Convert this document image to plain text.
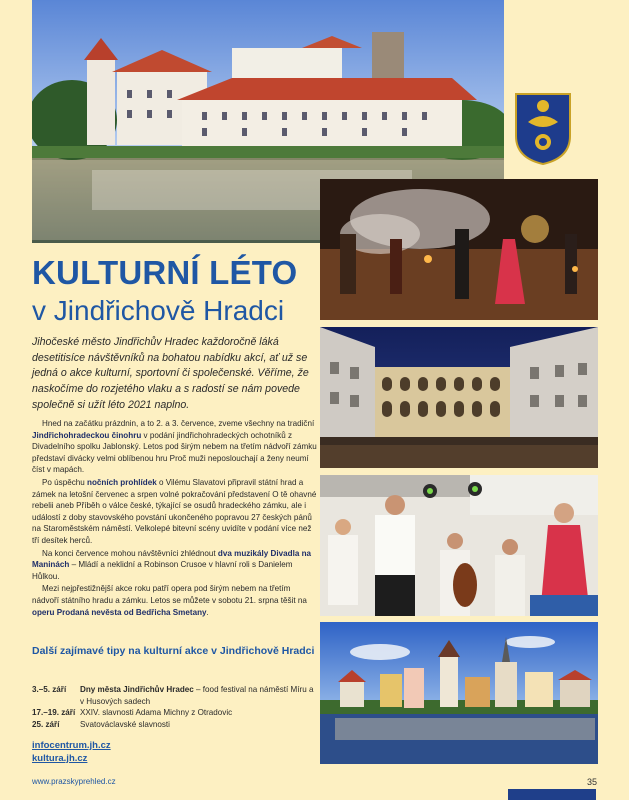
KULTURNÍ LÉTO
v Jindřichově Hradci

Jihočeské město Jindřichův Hradec každoročně láká desetitisíce návštěvníků na bohatou nabídku akcí, ať už se jedná o akce kulturní, sportovní či společenské. Věříme, že naskočíme do rozjetého vlaku a s radostí se nám povede společně si užít léto 2021 naplno.

Hned na začátku prázdnin, a to 2. a 3. července, zveme všechny na tradiční Jindřichohradeckou činohru v podání jindřichohradeckých ochotníků z Divadelního spolku Jablonský. Letos pod širým nebem na třetím nádvoří zámku představí divácky velmi oblíbenou hru Proč muži neposlouchají a ženy neumí číst v mapách.

Po úspěchu nočních prohlídek o Vilému Slavatovi připravil státní hrad a zámek na letošní červenec a srpen volné pokračování představení O tě ohavné rebelii aneb Příběh o válce české, týkající se osudů hradeckého zámku, ale i událostí z doby stavovského povstání ukončeného popravou 27 českých pánů na Staroměstském náměstí. Velkolepé bitevní scény uvidíte v podání více než tří desítek herců.

Na konci července mohou návštěvníci zhlédnout dva muzikály Divadla na Maninách – Mládí a neklidní a Robinson Crusoe v hlavní roli s Danielem Hůlkou.

Mezi nejpřestižnější akce roku patří opera pod širým nebem na třetím nádvoří státního hradu a zámku. Letos se můžete v sobotu 21. srpna těšit na operu Prodaná nevěsta od Bedřicha Smetany.

Další zajímavé tipy na kulturní akce v Jindřichově Hradci
3.–5. září	Dny města Jindřichův Hradec – food festival na náměstí Míru a v Husových sadech
17.–19. září XXIV. slavnosti Adama Michny z Otradovic
25. září	Svatováclavské slavnosti
infocentrum.jh.cz
kultura.jh.cz
www.prazskyprehled.cz	35
